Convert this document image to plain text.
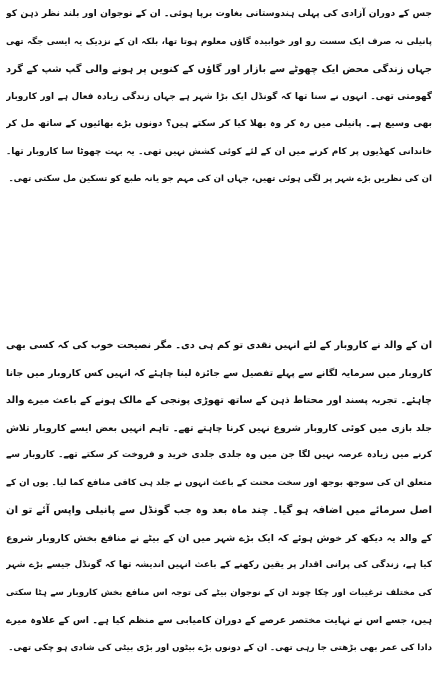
جس کے دوران آزادی کی پہلی ہندوستانی بغاوت برپا ہوئی۔ ان کے نوجوان اور بلند نظر ذہن کو
پانیلی نہ صرف ایک سست رو اور خوابیدہ گاؤں معلوم ہوتا تھا، بلکہ ان کے نزدیک یہ ایسی جگہ تھی
جہاں زندگی محض ایک چھوٹے سے بازار اور گاؤں کے کنویں پر ہونے والی گپ شپ کے گرد
گھومتی تھی۔ انہوں نے سنا تھا کہ گونڈل ایک بڑا شہر ہے جہاں زندگی زیادہ فعال ہے اور کاروبار
بھی وسیع ہے۔ پانیلی میں رہ کر وہ بھلا کیا کر سکتے ہیں؟ دونوں بڑے بھائیوں کے ساتھ مل کر
خاندانی کھڈیوں پر کام کرنے میں ان کے لئے کوئی کشش نہیں تھی۔ یہ بہت چھوٹا سا کاروبار تھا۔
ان کی نظریں بڑے شہر پر لگی ہوئی تھیں، جہاں ان کی مہم جو یانہ طبع کو تسکین مل سکتی تھی۔
ان کے والد نے کاروبار کے لئے انہیں نقدی تو کم ہی دی۔ مگر نصیحت خوب کی کہ کسی بھی
کاروبار میں سرمایہ لگانے سے پہلے تفصیل سے جائزہ لینا چاہئے کہ انہیں کس کاروبار میں جانا
چاہئے۔ تجربہ پسند اور محتاط ذہن کے ساتھ تھوڑی پونجی کے مالک ہونے کے باعث میرے والد
جلد بازی میں کوئی کاروبار شروع نہیں کرنا چاہتے تھے۔ تاہم انہیں بعض ایسے کاروبار تلاش
کرنے میں زیادہ عرصہ نہیں لگا جن میں وہ جلدی جلدی خرید و فروخت کر سکتے تھے۔ کاروبار سے
متعلق ان کی سوجھ بوجھ اور سخت محنت کے باعث انہوں نے جلد ہی کافی منافع کما لیا۔ یوں ان کے
اصل سرمائے میں اضافہ ہو گیا۔ چند ماہ بعد وہ جب گونڈل سے پانیلی واپس آئے تو ان
کے والد یہ دیکھ کر خوش ہوئے کہ ایک بڑے شہر میں ان کے بیٹے نے منافع بخش کاروبار شروع
کیا ہے، زندگی کی پرانی اقدار پر یقین رکھنے کے باعث انہیں اندیشہ تھا کہ گونڈل جیسے بڑے شہر
کی مختلف ترغیبات اور چکا چوند ان کے نوجوان بیٹے کی توجہ اس منافع بخش کاروبار سے ہٹا سکتی
ہیں، جسے اس نے نہایت مختصر عرصے کے دوران کامیابی سے منظم کیا ہے۔ اس کے علاوہ میرے
دادا کی عمر بھی بڑھتی جا رہی تھی۔ ان کے دونوں بڑے بیٹوں اور بڑی بیٹی کی شادی ہو چکی تھی۔
